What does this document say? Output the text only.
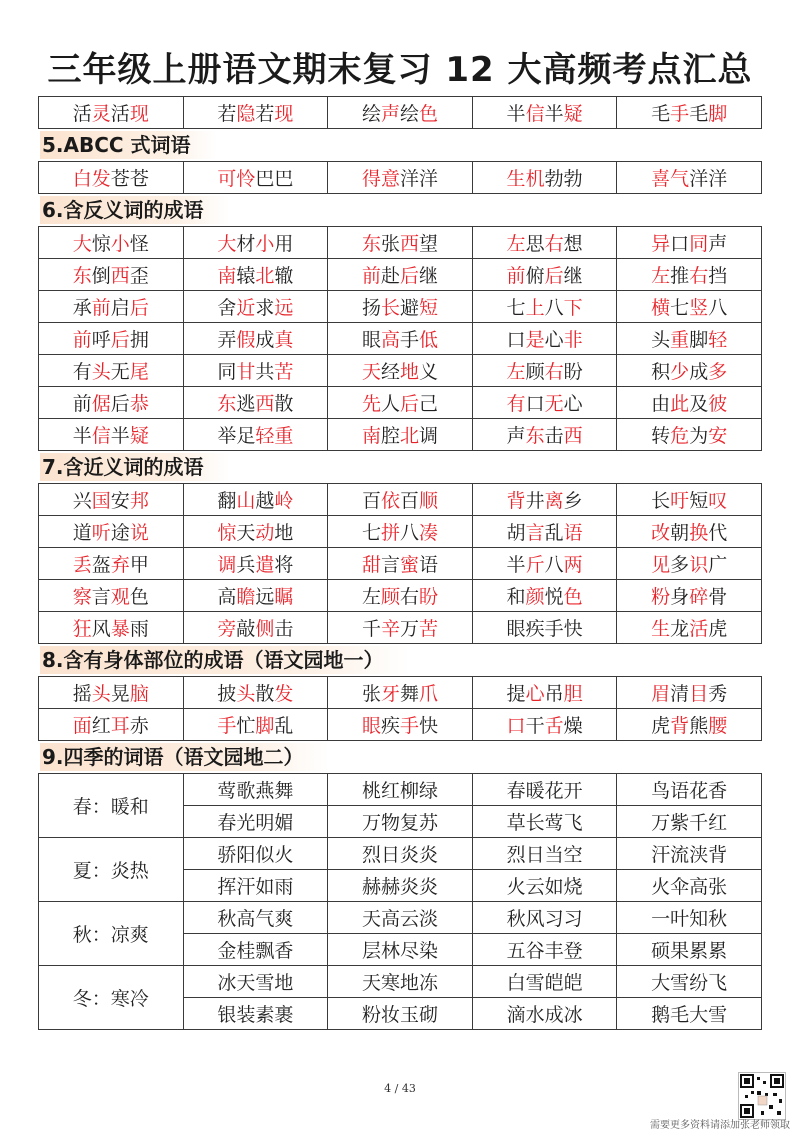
三年级上册语文期末复习 12 大高频考点汇总
活灵活现	若隐若现	绘声绘色	半信半疑	毛手毛脚
5.ABCC 式词语
白发苍苍	可怜巴巴	得意洋洋	生机勃勃	喜气洋洋
6.含反义词的成语
大惊小怪	大材小用	东张西望	左思右想	异口同声
东倒西歪	南辕北辙	前赴后继	前俯后继	左推右挡
承前启后	舍近求远	扬长避短	七上八下	横七竖八
前呼后拥	弄假成真	眼高手低	口是心非	头重脚轻
有头无尾	同甘共苦	天经地义	左顾右盼	积少成多
前倨后恭	东逃西散	先人后己	有口无心	由此及彼
半信半疑	举足轻重	南腔北调	声东击西	转危为安
7.含近义词的成语
兴国安邦	翻山越岭	百依百顺	背井离乡	长吁短叹
道听途说	惊天动地	七拼八凑	胡言乱语	改朝换代
丢盔弃甲	调兵遣将	甜言蜜语	半斤八两	见多识广
察言观色	高瞻远瞩	左顾右盼	和颜悦色	粉身碎骨
狂风暴雨	旁敲侧击	千辛万苦	眼疾手快	生龙活虎
8.含有身体部位的成语（语文园地一）
摇头晃脑	披头散发	张牙舞爪	提心吊胆	眉清目秀
面红耳赤	手忙脚乱	眼疾手快	口干舌燥	虎背熊腰
9.四季的词语（语文园地二）
春：暖和	莺歌燕舞	桃红柳绿	春暖花开	鸟语花香
	春光明媚	万物复苏	草长莺飞	万紫千红
夏：炎热	骄阳似火	烈日炎炎	烈日当空	汗流浃背
	挥汗如雨	赫赫炎炎	火云如烧	火伞高张
秋：凉爽	秋高气爽	天高云淡	秋风习习	一叶知秋
	金桂飘香	层林尽染	五谷丰登	硕果累累
冬：寒冷	冰天雪地	天寒地冻	白雪皑皑	大雪纷飞
	银装素裹	粉妆玉砌	滴水成冰	鹅毛大雪
4 / 43
需要更多资料请添加张老师领取
